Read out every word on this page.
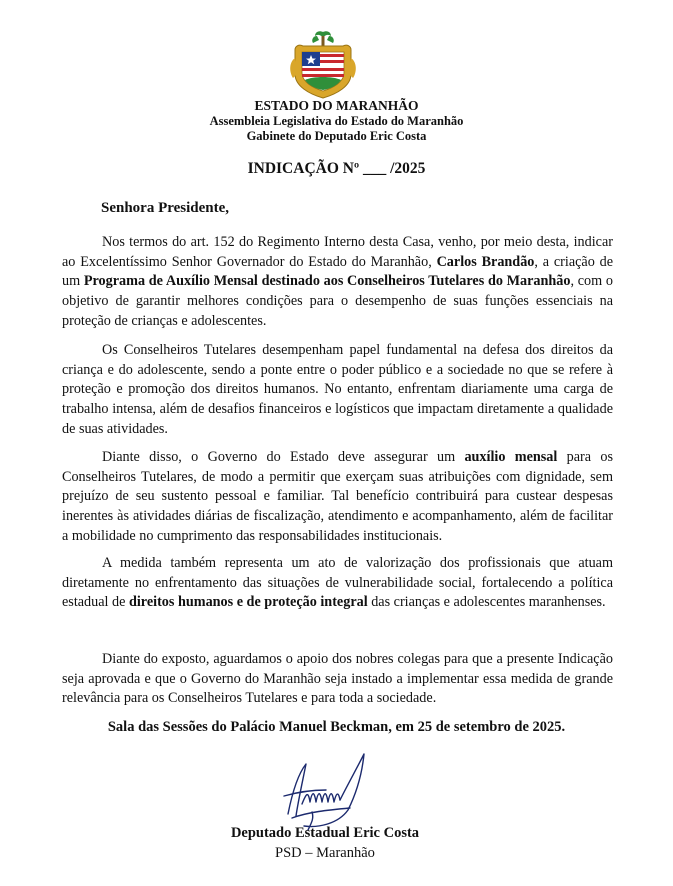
ESTADO DO MARANHÃO
Assembleia Legislativa do Estado do Maranhão
Gabinete do Deputado Eric Costa
INDICAÇÃO Nº ___ /2025
Senhora Presidente,

Nos termos do art. 152 do Regimento Interno desta Casa, venho, por meio desta, indicar ao Excelentíssimo Senhor Governador do Estado do Maranhão, Carlos Brandão, a criação de um Programa de Auxílio Mensal destinado aos Conselheiros Tutelares do Maranhão, com o objetivo de garantir melhores condições para o desempenho de suas funções essenciais na proteção de crianças e adolescentes.

Os Conselheiros Tutelares desempenham papel fundamental na defesa dos direitos da criança e do adolescente, sendo a ponte entre o poder público e a sociedade no que se refere à proteção e promoção dos direitos humanos. No entanto, enfrentam diariamente uma carga de trabalho intensa, além de desafios financeiros e logísticos que impactam diretamente a qualidade de suas atividades.

Diante disso, o Governo do Estado deve assegurar um auxílio mensal para os Conselheiros Tutelares, de modo a permitir que exerçam suas atribuições com dignidade, sem prejuízo de seu sustento pessoal e familiar. Tal benefício contribuirá para custear despesas inerentes às atividades diárias de fiscalização, atendimento e acompanhamento, além de facilitar a mobilidade no cumprimento das responsabilidades institucionais.

A medida também representa um ato de valorização dos profissionais que atuam diretamente no enfrentamento das situações de vulnerabilidade social, fortalecendo a política estadual de direitos humanos e de proteção integral das crianças e adolescentes maranhenses.

Diante do exposto, aguardamos o apoio dos nobres colegas para que a presente Indicação seja aprovada e que o Governo do Maranhão seja instado a implementar essa medida de grande relevância para os Conselheiros Tutelares e para toda a sociedade.

Sala das Sessões do Palácio Manuel Beckman, em 25 de setembro de 2025.
Deputado Estadual Eric Costa
PSD – Maranhão
